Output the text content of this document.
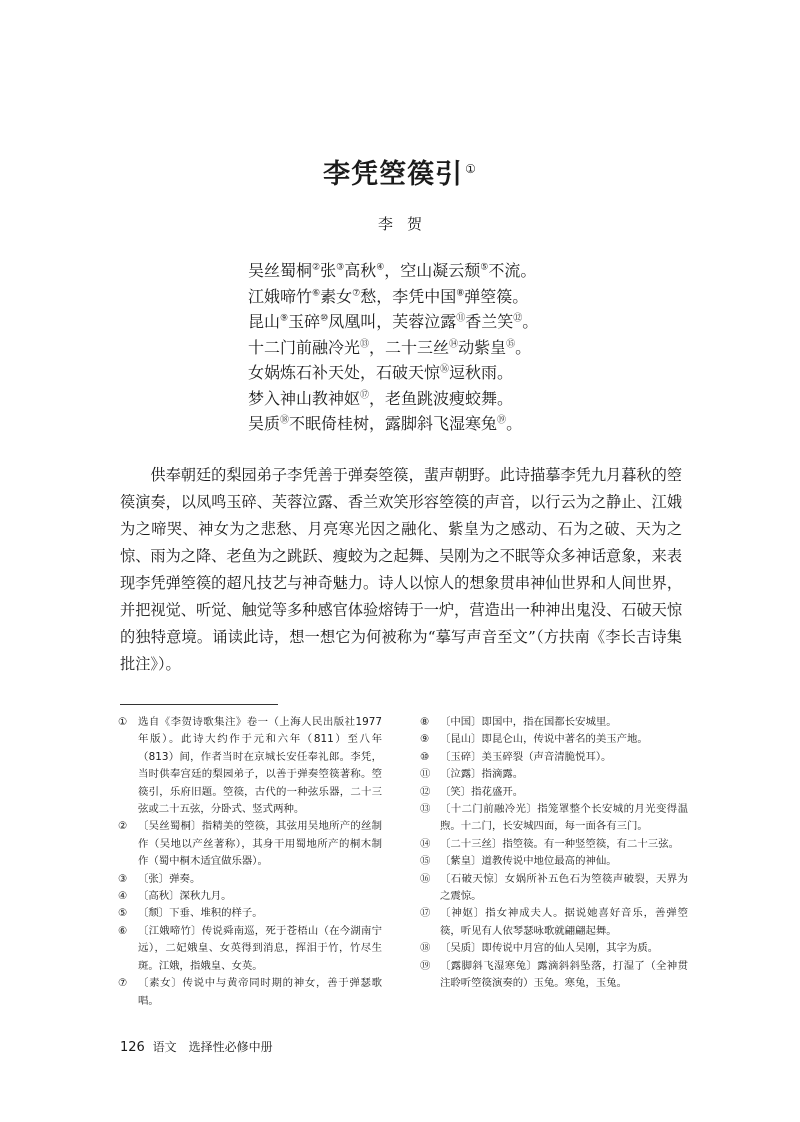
李凭箜篌引 ①
李贺
吴丝蜀桐②张③高秋④，空山凝云颓⑤不流。
江娥啼竹⑥素女⑦愁，李凭中国⑧弹箜篌。
昆山⑨玉碎⑩凤凰叫，芙蓉泣露⑪香兰笑⑫。
十二门前融冷光⑬，二十三丝⑭动紫皇⑮。
女娲炼石补天处，石破天惊⑯逗秋雨。
梦入神山教神妪⑰，老鱼跳波瘦蛟舞。
吴质⑱不眠倚桂树，露脚斜飞湿寒兔⑲。
供奉朝廷的梨园弟子李凭善于弹奏箜篌，蜚声朝野。此诗描摹李凭九月暮秋的箜篌演奏，以凤鸣玉碎、芙蓉泣露、香兰欢笑形容箜篌的声音，以行云为之静止、江娥为之啼哭、神女为之悲愁、月亮寒光因之融化、紫皇为之感动、石为之破、天为之惊、雨为之降、老鱼为之跳跃、瘦蛟为之起舞、吴刚为之不眠等众多神话意象，来表现李凭弹箜篌的超凡技艺与神奇魅力。诗人以惊人的想象贯串神仙世界和人间世界，并把视觉、听觉、触觉等多种感官体验熔铸于一炉，营造出一种神出鬼没、石破天惊的独特意境。诵读此诗，想一想它为何被称为“摹写声音至文”（方扶南《李长吉诗集批注》）。
①	选自《李贺诗歌集注》卷一（上海人民出版社1977年版）。此诗大约作于元和六年（811）至八年（813）间，作者当时在京城长安任奉礼郎。李凭，当时供奉宫廷的梨园弟子，以善于弹奏箜篌著称。箜篌引，乐府旧题。箜篌，古代的一种弦乐器，二十三弦或二十五弦，分卧式、竖式两种。
②	〔吴丝蜀桐〕指精美的箜篌，其弦用吴地所产的丝制作（吴地以产丝著称），其身干用蜀地所产的桐木制作（蜀中桐木适宜做乐器）。
③	〔张〕弹奏。
④	〔高秋〕深秋九月。
⑤	〔颓〕下垂、堆积的样子。
⑥	〔江娥啼竹〕传说舜南巡，死于苍梧山（在今湖南宁远），二妃娥皇、女英得到消息，挥泪于竹，竹尽生斑。江娥，指娥皇、女英。
⑦	〔素女〕传说中与黄帝同时期的神女，善于弹瑟歌唱。
⑧	〔中国〕即国中，指在国都长安城里。
⑨	〔昆山〕即昆仑山，传说中著名的美玉产地。
⑩	〔玉碎〕美玉碎裂（声音清脆悦耳）。
⑪ 〔泣露〕指滴露。
⑫ 〔笑〕指花盛开。
⑬ 〔十二门前融冷光〕指笼罩整个长安城的月光变得温煦。十二门，长安城四面，每一面各有三门。
⑭ 〔二十三丝〕指箜篌。有一种竖箜篌，有二十三弦。
⑮ 〔紫皇〕道教传说中地位最高的神仙。
⑯ 〔石破天惊〕女娲所补五色石为箜篌声破裂，天界为之震惊。
⑰ 〔神妪〕指女神成夫人。据说她喜好音乐，善弹箜篌，听见有人依琴瑟咏歌就翩翩起舞。
⑱ 〔吴质〕即传说中月宫的仙人吴刚，其字为质。
⑲ 〔露脚斜飞湿寒兔〕露滴斜斜坠落，打湿了（全神贯注聆听箜篌演奏的）玉兔。寒兔，玉兔。
126 语文　选择性必修中册
